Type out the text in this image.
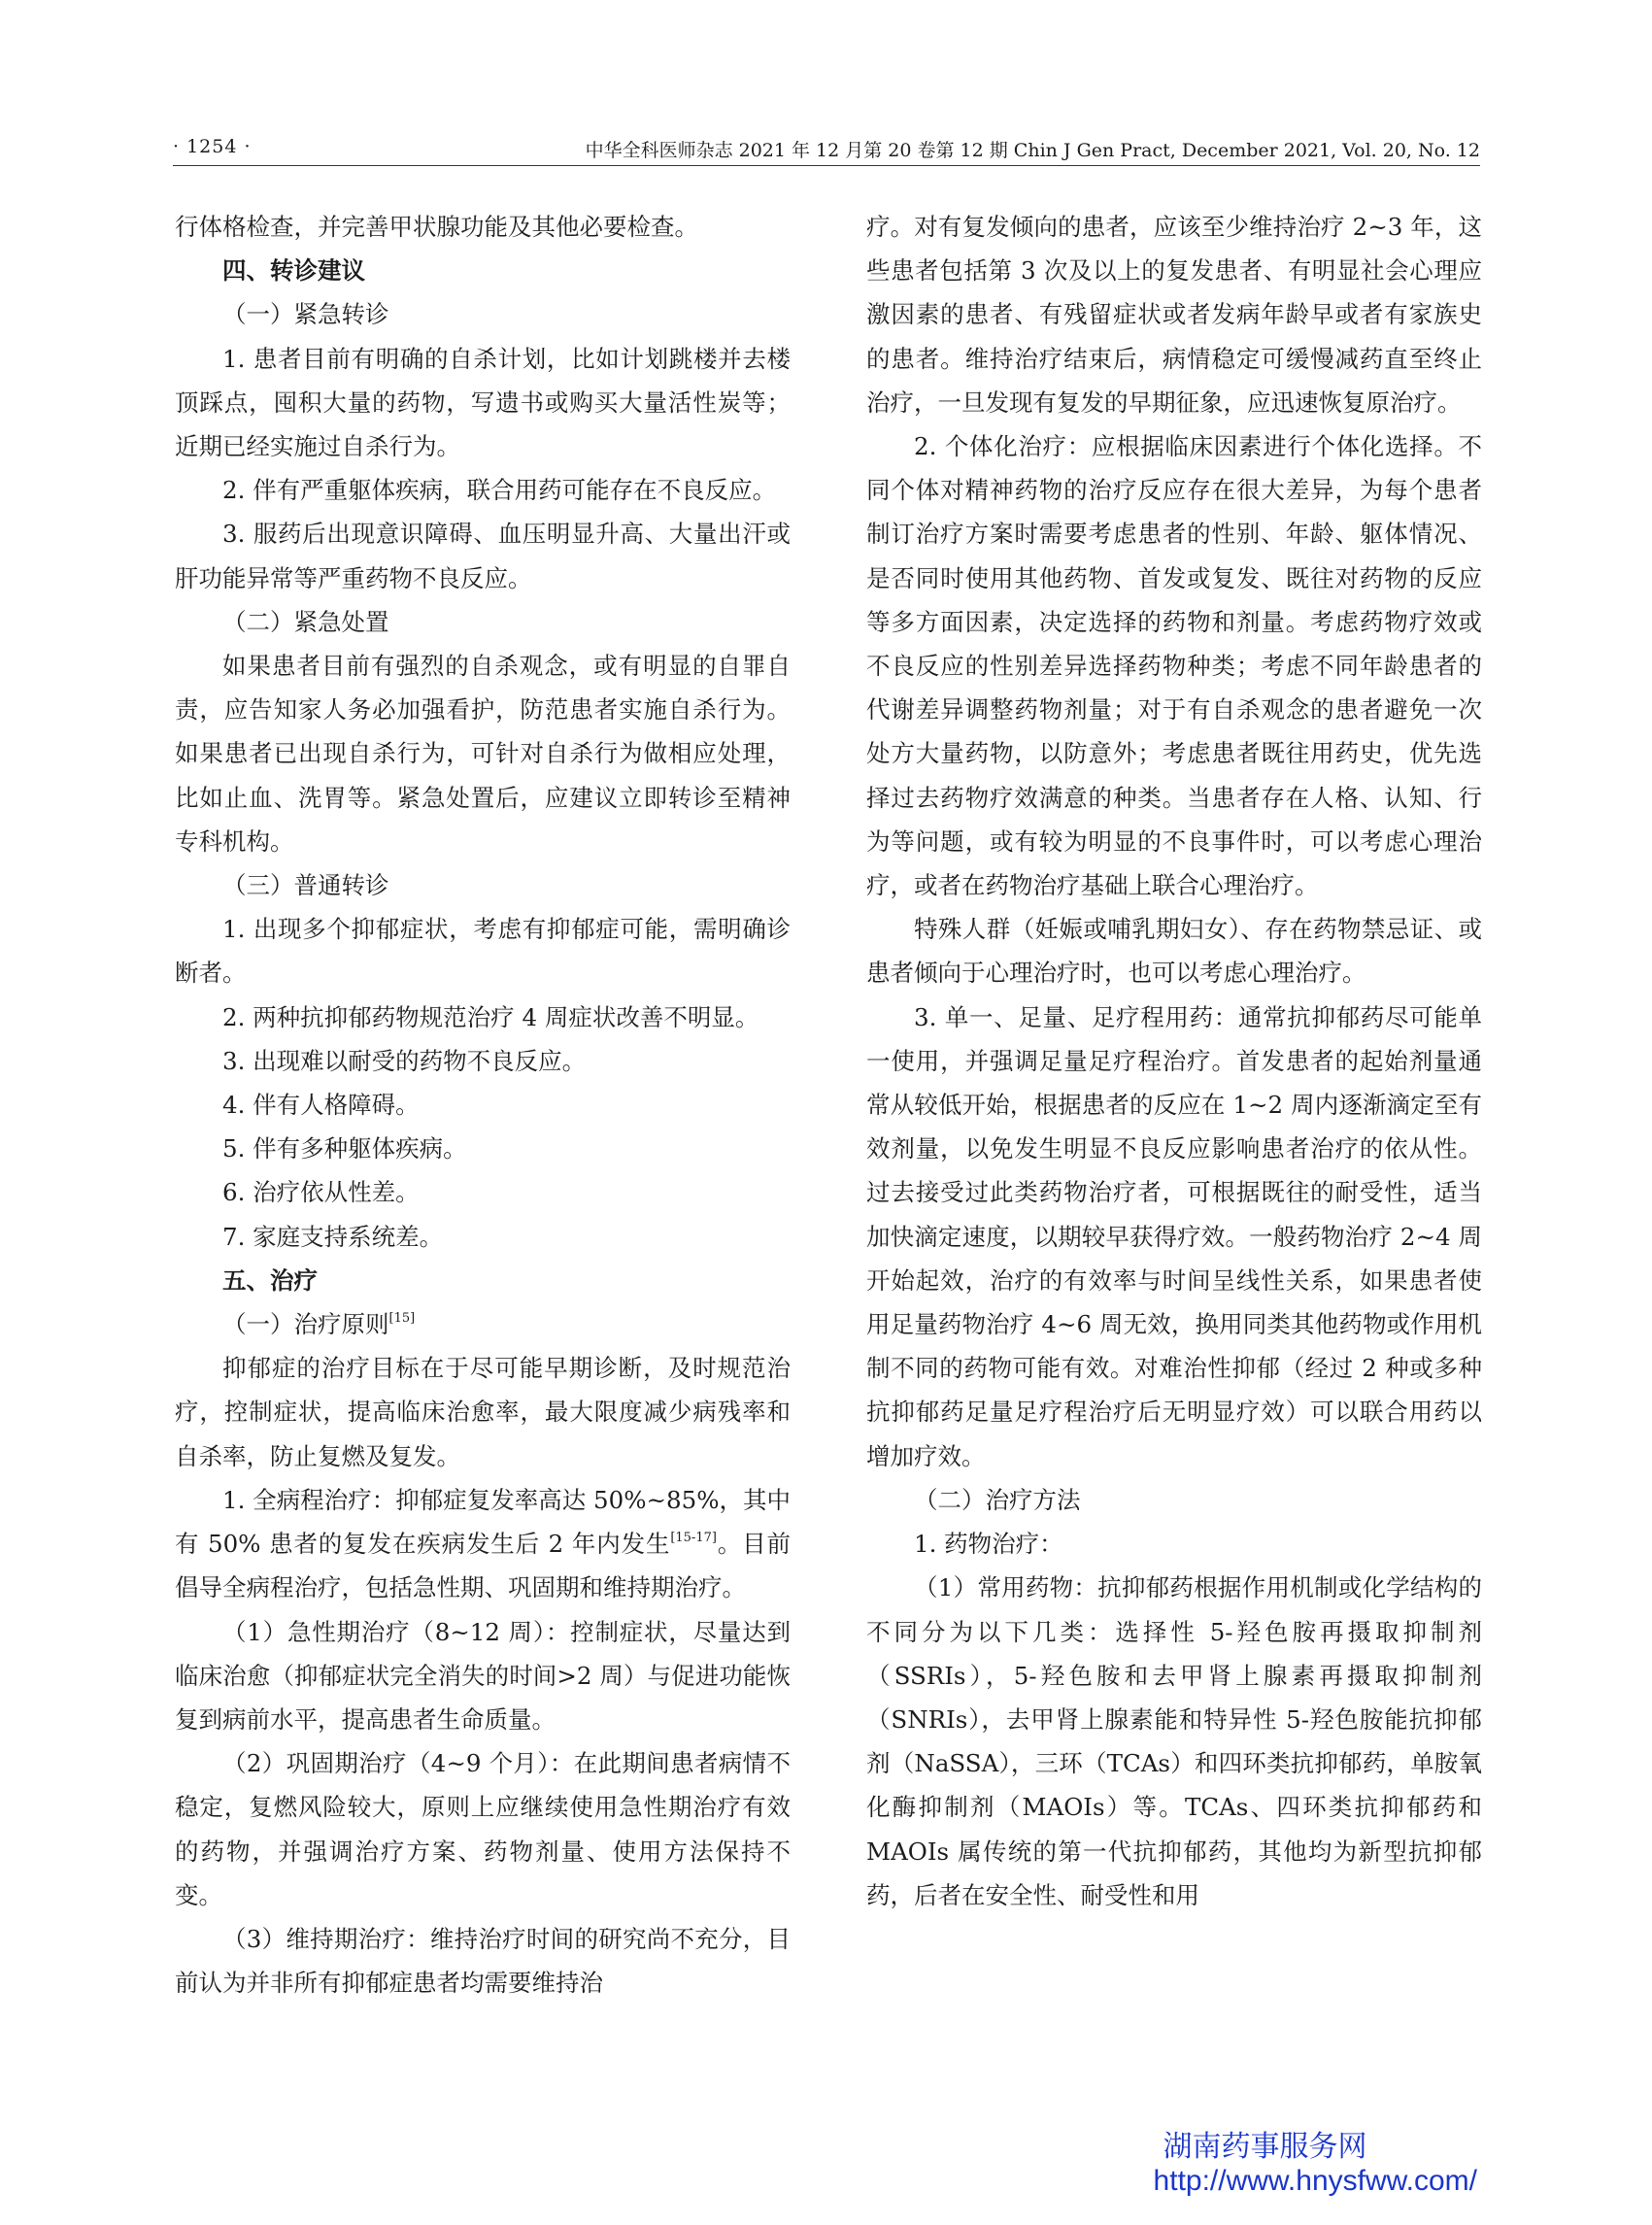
· 1254 ·	中华全科医师杂志 2021 年 12 月第 20 卷第 12 期 Chin J Gen Pract, December 2021, Vol. 20, No. 12

行体格检查，并完善甲状腺功能及其他必要检查。

四、转诊建议

（一）紧急转诊

1. 患者目前有明确的自杀计划，比如计划跳楼并去楼顶踩点，囤积大量的药物，写遗书或购买大量活性炭等；近期已经实施过自杀行为。

2. 伴有严重躯体疾病，联合用药可能存在不良反应。

3. 服药后出现意识障碍、血压明显升高、大量出汗或肝功能异常等严重药物不良反应。

（二）紧急处置

如果患者目前有强烈的自杀观念，或有明显的自罪自责，应告知家人务必加强看护，防范患者实施自杀行为。如果患者已出现自杀行为，可针对自杀行为做相应处理，比如止血、洗胃等。紧急处置后，应建议立即转诊至精神专科机构。

（三）普通转诊

1. 出现多个抑郁症状，考虑有抑郁症可能，需明确诊断者。

2. 两种抗抑郁药物规范治疗 4 周症状改善不明显。

3. 出现难以耐受的药物不良反应。

4. 伴有人格障碍。

5. 伴有多种躯体疾病。

6. 治疗依从性差。

7. 家庭支持系统差。

五、治疗

（一）治疗原则[15]

抑郁症的治疗目标在于尽可能早期诊断，及时规范治疗，控制症状，提高临床治愈率，最大限度减少病残率和自杀率，防止复燃及复发。

1. 全病程治疗：抑郁症复发率高达 50%~85%，其中有 50% 患者的复发在疾病发生后 2 年内发生[15-17]。目前倡导全病程治疗，包括急性期、巩固期和维持期治疗。

（1）急性期治疗（8~12 周）：控制症状，尽量达到临床治愈（抑郁症状完全消失的时间>2 周）与促进功能恢复到病前水平，提高患者生命质量。

（2）巩固期治疗（4~9 个月）：在此期间患者病情不稳定，复燃风险较大，原则上应继续使用急性期治疗有效的药物，并强调治疗方案、药物剂量、使用方法保持不变。

（3）维持期治疗：维持治疗时间的研究尚不充分，目前认为并非所有抑郁症患者均需要维持治

疗。对有复发倾向的患者，应该至少维持治疗 2~3 年，这些患者包括第 3 次及以上的复发患者、有明显社会心理应激因素的患者、有残留症状或者发病年龄早或者有家族史的患者。维持治疗结束后，病情稳定可缓慢减药直至终止治疗，一旦发现有复发的早期征象，应迅速恢复原治疗。

2. 个体化治疗：应根据临床因素进行个体化选择。不同个体对精神药物的治疗反应存在很大差异，为每个患者制订治疗方案时需要考虑患者的性别、年龄、躯体情况、是否同时使用其他药物、首发或复发、既往对药物的反应等多方面因素，决定选择的药物和剂量。考虑药物疗效或不良反应的性别差异选择药物种类；考虑不同年龄患者的代谢差异调整药物剂量；对于有自杀观念的患者避免一次处方大量药物，以防意外；考虑患者既往用药史，优先选择过去药物疗效满意的种类。当患者存在人格、认知、行为等问题，或有较为明显的不良事件时，可以考虑心理治疗，或者在药物治疗基础上联合心理治疗。

特殊人群（妊娠或哺乳期妇女）、存在药物禁忌证、或患者倾向于心理治疗时，也可以考虑心理治疗。

3. 单一、足量、足疗程用药：通常抗抑郁药尽可能单一使用，并强调足量足疗程治疗。首发患者的起始剂量通常从较低开始，根据患者的反应在 1~2 周内逐渐滴定至有效剂量，以免发生明显不良反应影响患者治疗的依从性。过去接受过此类药物治疗者，可根据既往的耐受性，适当加快滴定速度，以期较早获得疗效。一般药物治疗 2~4 周开始起效，治疗的有效率与时间呈线性关系，如果患者使用足量药物治疗 4~6 周无效，换用同类其他药物或作用机制不同的药物可能有效。对难治性抑郁（经过 2 种或多种抗抑郁药足量足疗程治疗后无明显疗效）可以联合用药以增加疗效。

（二）治疗方法

1. 药物治疗：

（1）常用药物：抗抑郁药根据作用机制或化学结构的不同分为以下几类：选择性 5-羟色胺再摄取抑制剂（SSRIs），5-羟色胺和去甲肾上腺素再摄取抑制剂（SNRIs），去甲肾上腺素能和特异性 5-羟色胺能抗抑郁剂（NaSSA），三环（TCAs）和四环类抗抑郁药，单胺氧化酶抑制剂（MAOIs）等。TCAs、四环类抗抑郁药和 MAOIs 属传统的第一代抗抑郁药，其他均为新型抗抑郁药，后者在安全性、耐受性和用

湖南药事服务网
http://www.hnysfww.com/
